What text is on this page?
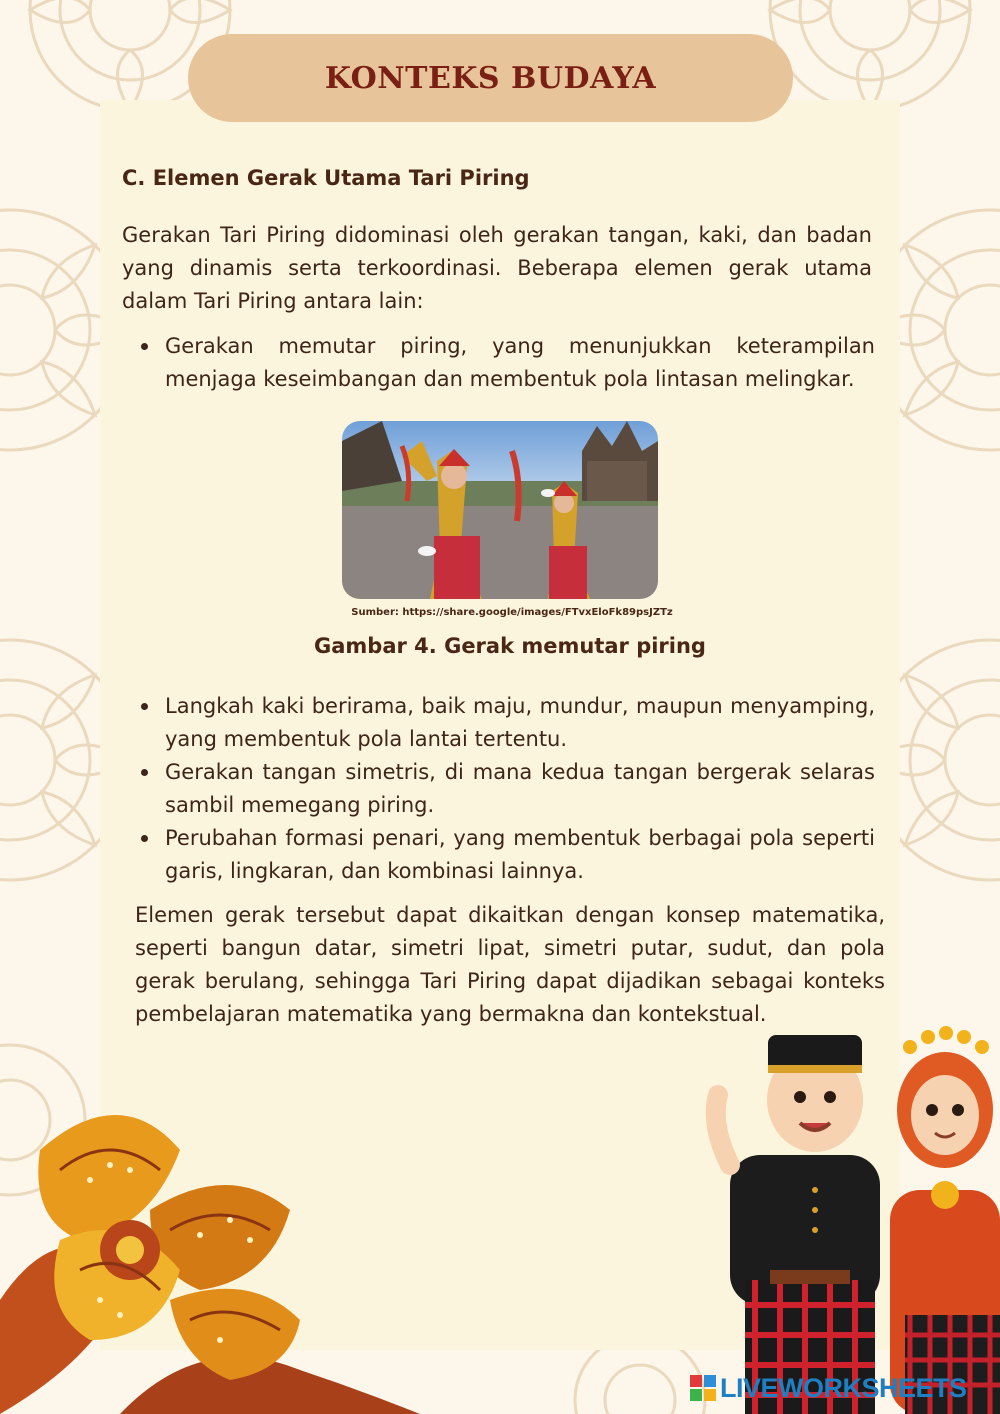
KONTEKS BUDAYA
C. Elemen Gerak Utama Tari Piring

Gerakan Tari Piring didominasi oleh gerakan tangan, kaki, dan badan yang dinamis serta terkoordinasi. Beberapa elemen gerak utama dalam Tari Piring antara lain:

Gerakan memutar piring, yang menunjukkan keterampilan menjaga keseimbangan dan membentuk pola lintasan melingkar.
Sumber: https://share.google/images/FTvxEloFk89psJZTz
Gambar 4. Gerak memutar piring
Langkah kaki berirama, baik maju, mundur, maupun menyamping, yang membentuk pola lantai tertentu.
Gerakan tangan simetris, di mana kedua tangan bergerak selaras sambil memegang piring.
Perubahan formasi penari, yang membentuk berbagai pola seperti garis, lingkaran, dan kombinasi lainnya.

Elemen gerak tersebut dapat dikaitkan dengan konsep matematika, seperti bangun datar, simetri lipat, simetri putar, sudut, dan pola gerak berulang, sehingga Tari Piring dapat dijadikan sebagai konteks pembelajaran matematika yang bermakna dan kontekstual.

LIVEWORKSHEETS
